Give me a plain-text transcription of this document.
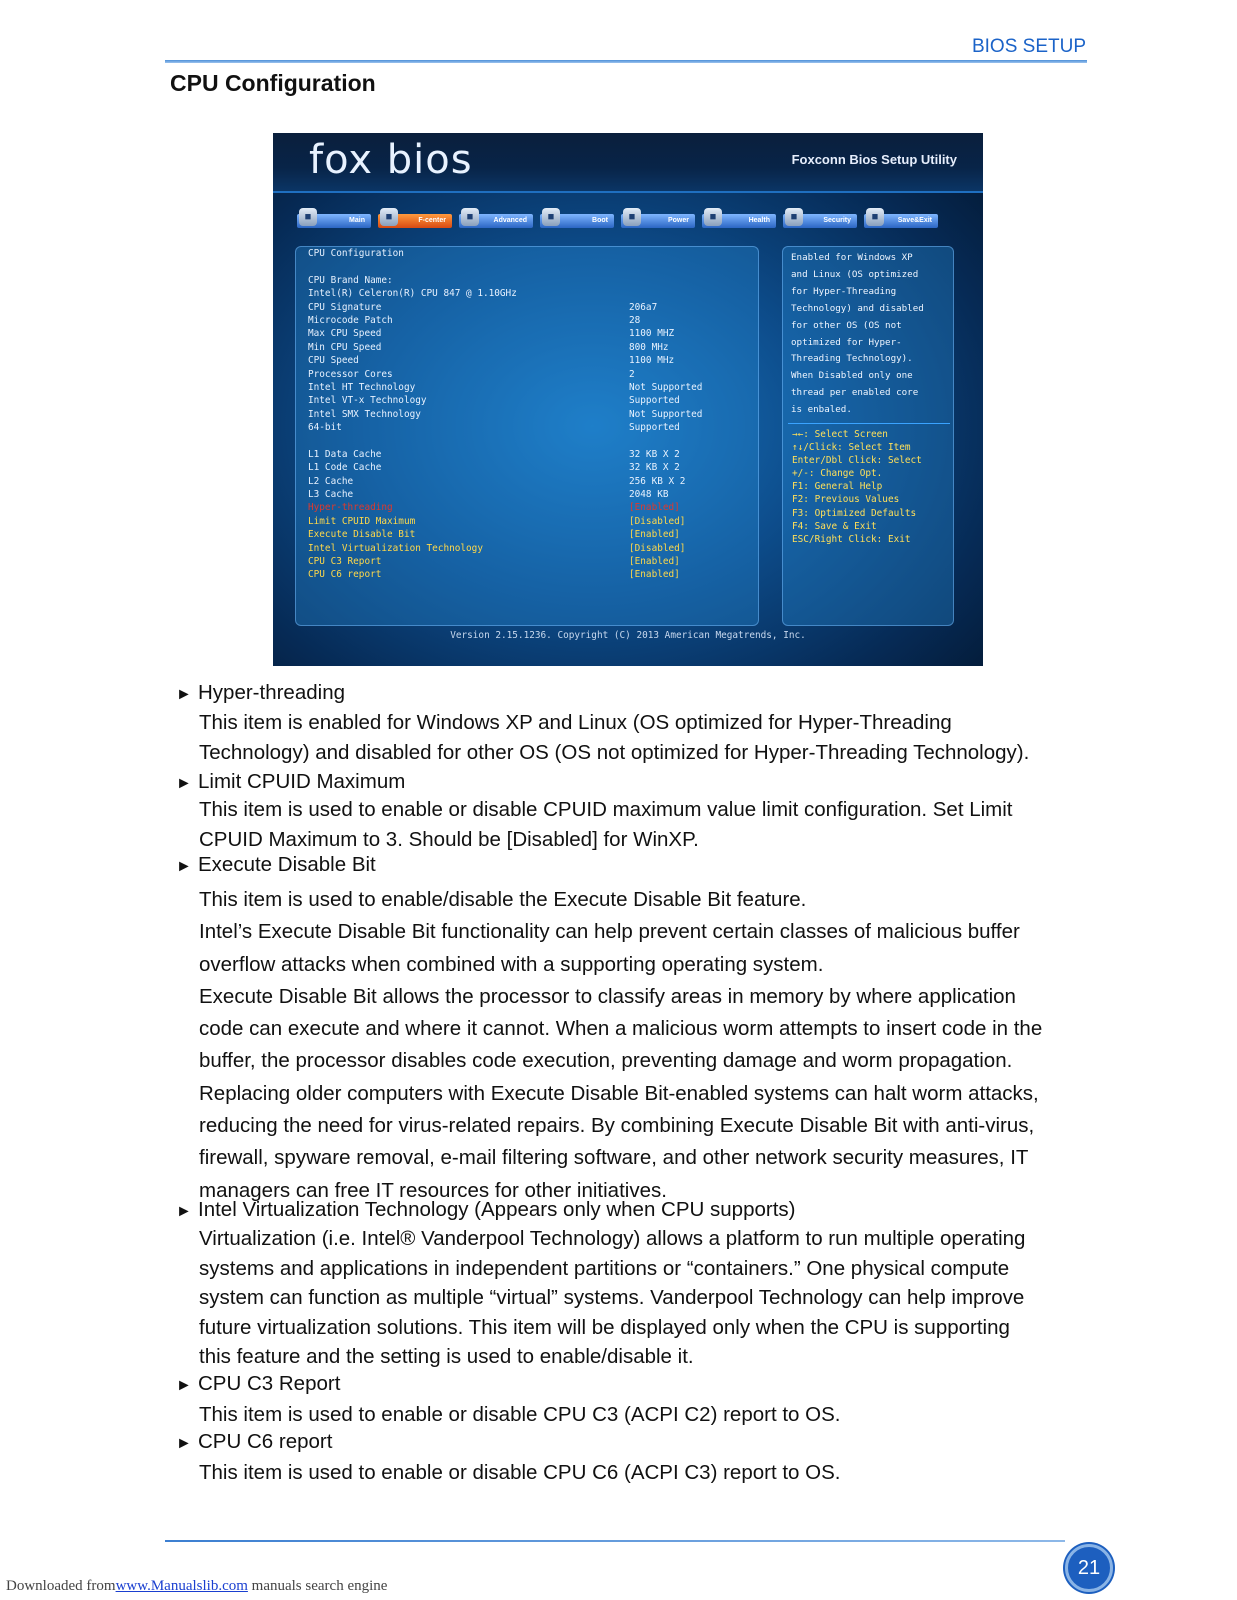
BIOS SETUP
CPU Configuration
fox bios	Foxconn Bios Setup Utility
■	Main	■	F-center	■	Advanced	■	Boot	■	Power	■	Health	■	Security	■	Save&Exit
CPU Configuration
CPU Brand Name:
Intel(R) Celeron(R) CPU 847 @ 1.10GHz
CPU Signature	206a7
Microcode Patch	28
Max CPU Speed	1100 MHZ
Min CPU Speed	800 MHz
CPU Speed	1100 MHz
Processor Cores	2
Intel HT Technology	Not Supported
Intel VT-x Technology	Supported
Intel SMX Technology	Not Supported
64-bit	Supported
L1 Data Cache	32 KB X 2
L1 Code Cache	32 KB X 2
L2 Cache	256 KB X 2
L3 Cache	2048 KB
Hyper-threading	[Enabled]
Limit CPUID Maximum	[Disabled]
Execute Disable Bit	[Enabled]
Intel Virtualization Technology	[Disabled]
CPU C3 Report	[Enabled]
CPU C6 report	[Enabled]
Enabled for Windows XP
and Linux (OS optimized
for Hyper-Threading
Technology) and disabled
for other OS (OS not
optimized for Hyper-
Threading Technology).
When Disabled only one
thread per enabled core
is enbaled.
→←: Select Screen
↑↓/Click: Select Item
Enter/Dbl Click: Select
+/-: Change Opt.
F1: General Help
F2: Previous Values
F3: Optimized Defaults
F4: Save & Exit
ESC/Right Click: Exit
Version 2.15.1236. Copyright (C) 2013 American Megatrends, Inc.
► Hyper-threading
This item is enabled for Windows XP and Linux (OS optimized for Hyper-Threading
Technology) and disabled for other OS (OS not optimized for Hyper-Threading Technology).
► Limit CPUID Maximum
This item is used to enable or disable CPUID maximum value limit configuration. Set Limit
CPUID Maximum to 3. Should be [Disabled] for WinXP.
► Execute Disable Bit
This item is used to enable/disable the Execute Disable Bit feature.
Intel’s Execute Disable Bit functionality can help prevent certain classes of malicious buffer
overflow attacks when combined with a supporting operating system.
Execute Disable Bit allows the processor to classify areas in memory by where application
code can execute and where it cannot. When a malicious worm attempts to insert code in the
buffer, the processor disables code execution, preventing damage and worm propagation.
Replacing older computers with Execute Disable Bit-enabled systems can halt worm attacks,
reducing the need for virus-related repairs. By combining Execute Disable Bit with anti-virus,
firewall, spyware removal, e-mail filtering software, and other network security measures, IT
managers can free IT resources for other initiatives.
► Intel Virtualization Technology (Appears only when CPU supports)
Virtualization (i.e. Intel® Vanderpool Technology) allows a platform to run multiple operating
systems and applications in independent partitions or “containers.” One physical compute
system can function as multiple “virtual” systems. Vanderpool Technology can help improve
future virtualization solutions. This item will be displayed only when the CPU is supporting
this feature and the setting is used to enable/disable it.
► CPU C3 Report
This item is used to enable or disable CPU C3 (ACPI C2) report to OS.
► CPU C6 report
This item is used to enable or disable CPU C6 (ACPI C3) report to OS.
21
Downloaded fromwww.Manualslib.com manuals search engine
